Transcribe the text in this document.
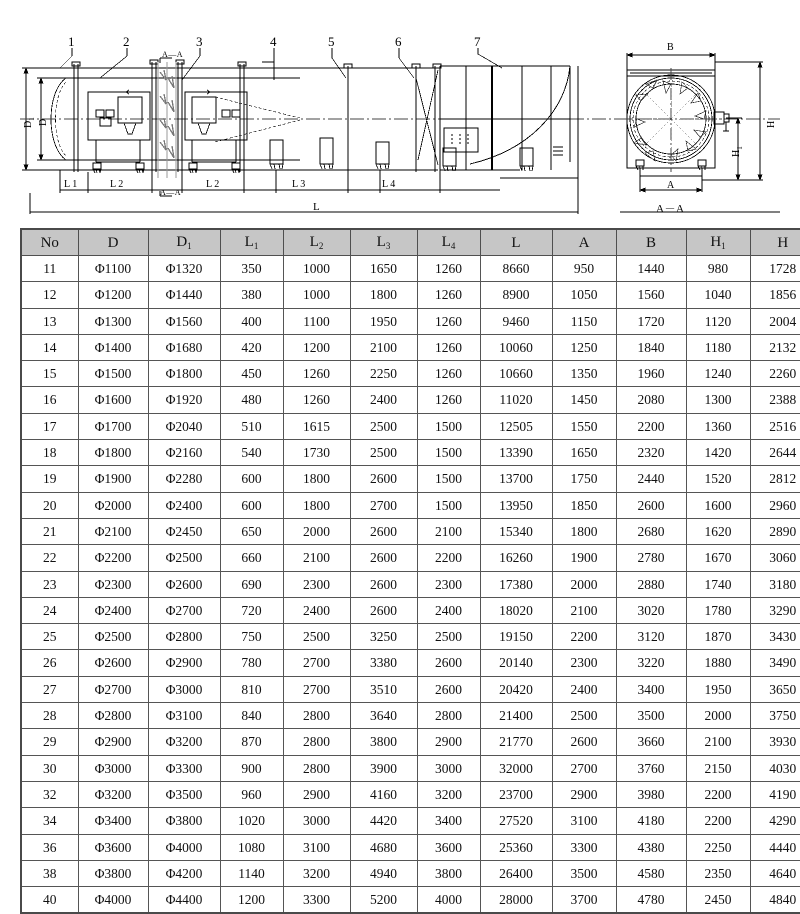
1	2	3	4	5	6	7
$D_1$ D
L 1	L 2	L 2	L 3	L 4
L
A—A
A—A
B
A
H
$H_1$
A－A
No	D	$D_1$	$L_1$	$L_2$	$L_3$	$L_4$	L	A	B	$H_1$	H
11	Φ1100	Φ1320	350	1000	1650	1260	8660	950	1440	980	1728
12	Φ1200	Φ1440	380	1000	1800	1260	8900	1050	1560	1040	1856
13	Φ1300	Φ1560	400	1100	1950	1260	9460	1150	1720	1120	2004
14	Φ1400	Φ1680	420	1200	2100	1260	10060	1250	1840	1180	2132
15	Φ1500	Φ1800	450	1260	2250	1260	10660	1350	1960	1240	2260
16	Φ1600	Φ1920	480	1260	2400	1260	11020	1450	2080	1300	2388
17	Φ1700	Φ2040	510	1615	2500	1500	12505	1550	2200	1360	2516
18	Φ1800	Φ2160	540	1730	2500	1500	13390	1650	2320	1420	2644
19	Φ1900	Φ2280	600	1800	2600	1500	13700	1750	2440	1520	2812
20	Φ2000	Φ2400	600	1800	2700	1500	13950	1850	2600	1600	2960
21	Φ2100	Φ2450	650	2000	2600	2100	15340	1800	2680	1620	2890
22	Φ2200	Φ2500	660	2100	2600	2200	16260	1900	2780	1670	3060
23	Φ2300	Φ2600	690	2300	2600	2300	17380	2000	2880	1740	3180
24	Φ2400	Φ2700	720	2400	2600	2400	18020	2100	3020	1780	3290
25	Φ2500	Φ2800	750	2500	3250	2500	19150	2200	3120	1870	3430
26	Φ2600	Φ2900	780	2700	3380	2600	20140	2300	3220	1880	3490
27	Φ2700	Φ3000	810	2700	3510	2600	20420	2400	3400	1950	3650
28	Φ2800	Φ3100	840	2800	3640	2800	21400	2500	3500	2000	3750
29	Φ2900	Φ3200	870	2800	3800	2900	21770	2600	3660	2100	3930
30	Φ3000	Φ3300	900	2800	3900	3000	32000	2700	3760	2150	4030
32	Φ3200	Φ3500	960	2900	4160	3200	23700	2900	3980	2200	4190
34	Φ3400	Φ3800	1020	3000	4420	3400	27520	3100	4180	2200	4290
36	Φ3600	Φ4000	1080	3100	4680	3600	25360	3300	4380	2250	4440
38	Φ3800	Φ4200	1140	3200	4940	3800	26400	3500	4580	2350	4640
40	Φ4000	Φ4400	1200	3300	5200	4000	28000	3700	4780	2450	4840
